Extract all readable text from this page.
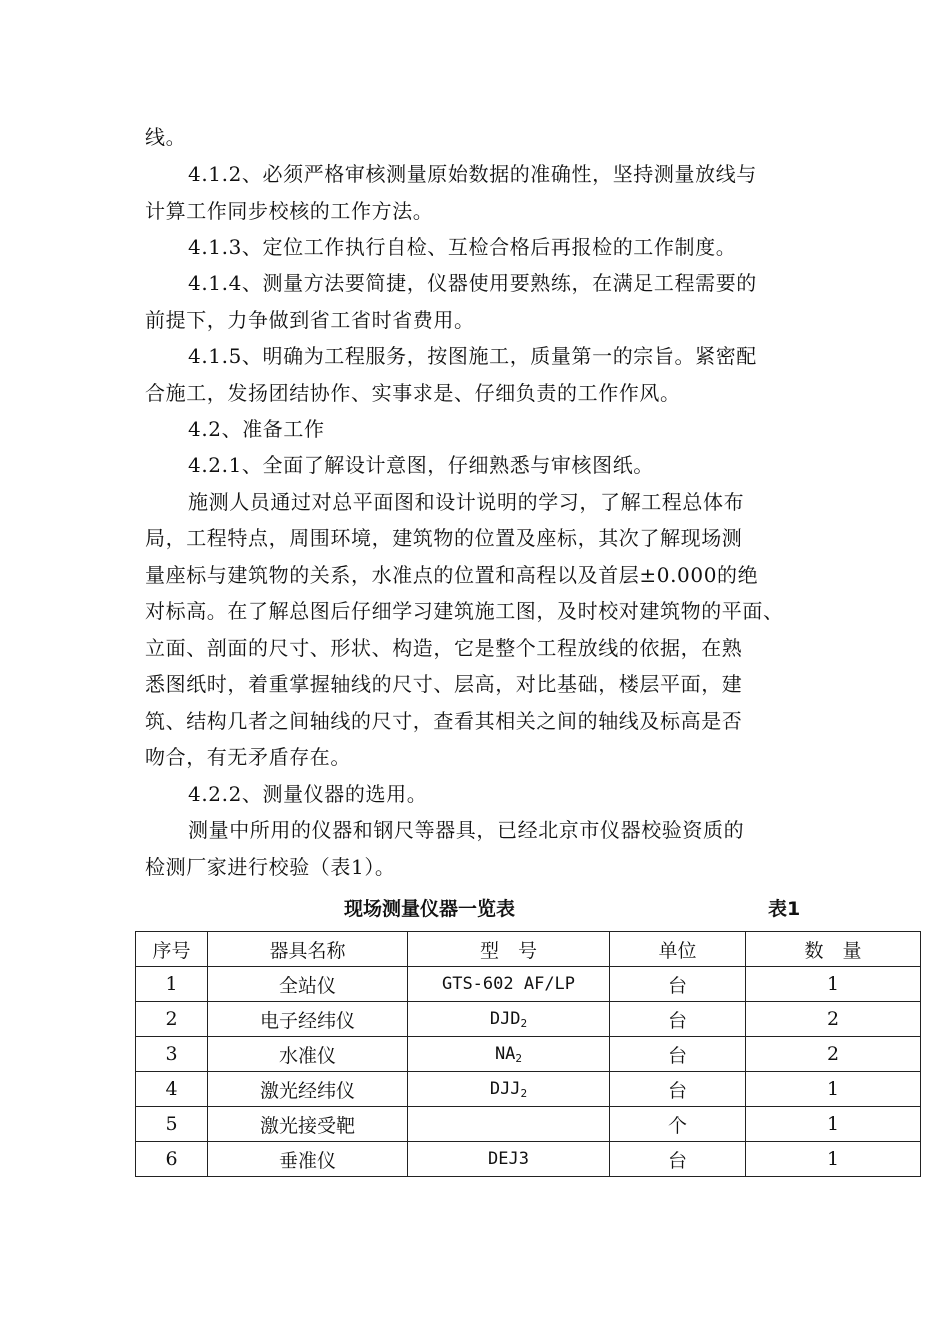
线。
4.1.2、必须严格审核测量原始数据的准确性，坚持测量放线与
计算工作同步校核的工作方法。
4.1.3、定位工作执行自检、互检合格后再报检的工作制度。
4.1.4、测量方法要简捷，仪器使用要熟练，在满足工程需要的
前提下，力争做到省工省时省费用。
4.1.5、明确为工程服务，按图施工，质量第一的宗旨。紧密配
合施工，发扬团结协作、实事求是、仔细负责的工作作风。
4.2、准备工作
4.2.1、全面了解设计意图，仔细熟悉与审核图纸。
施测人员通过对总平面图和设计说明的学习，了解工程总体布
局，工程特点，周围环境，建筑物的位置及座标，其次了解现场测
量座标与建筑物的关系，水准点的位置和高程以及首层±0.000的绝
对标高。在了解总图后仔细学习建筑施工图，及时校对建筑物的平面、
立面、剖面的尺寸、形状、构造，它是整个工程放线的依据，在熟
悉图纸时，着重掌握轴线的尺寸、层高，对比基础，楼层平面，建
筑、结构几者之间轴线的尺寸，查看其相关之间的轴线及标高是否
吻合，有无矛盾存在。
4.2.2、测量仪器的选用。
测量中所用的仪器和钢尺等器具，已经北京市仪器校验资质的
检测厂家进行校验（表1）。
现场测量仪器一览表	表1
序号	器具名称	型　号	单位	数　量
1	全站仪	GTS-602 AF/LP	台	1
2	电子经纬仪	$DJD_2$	台	2
3	水准仪	$NA_2$	台	2
4	激光经纬仪	$DJJ_2$	台	1
5	激光接受靶		个	1
6	垂准仪	DEJ3	台	1
